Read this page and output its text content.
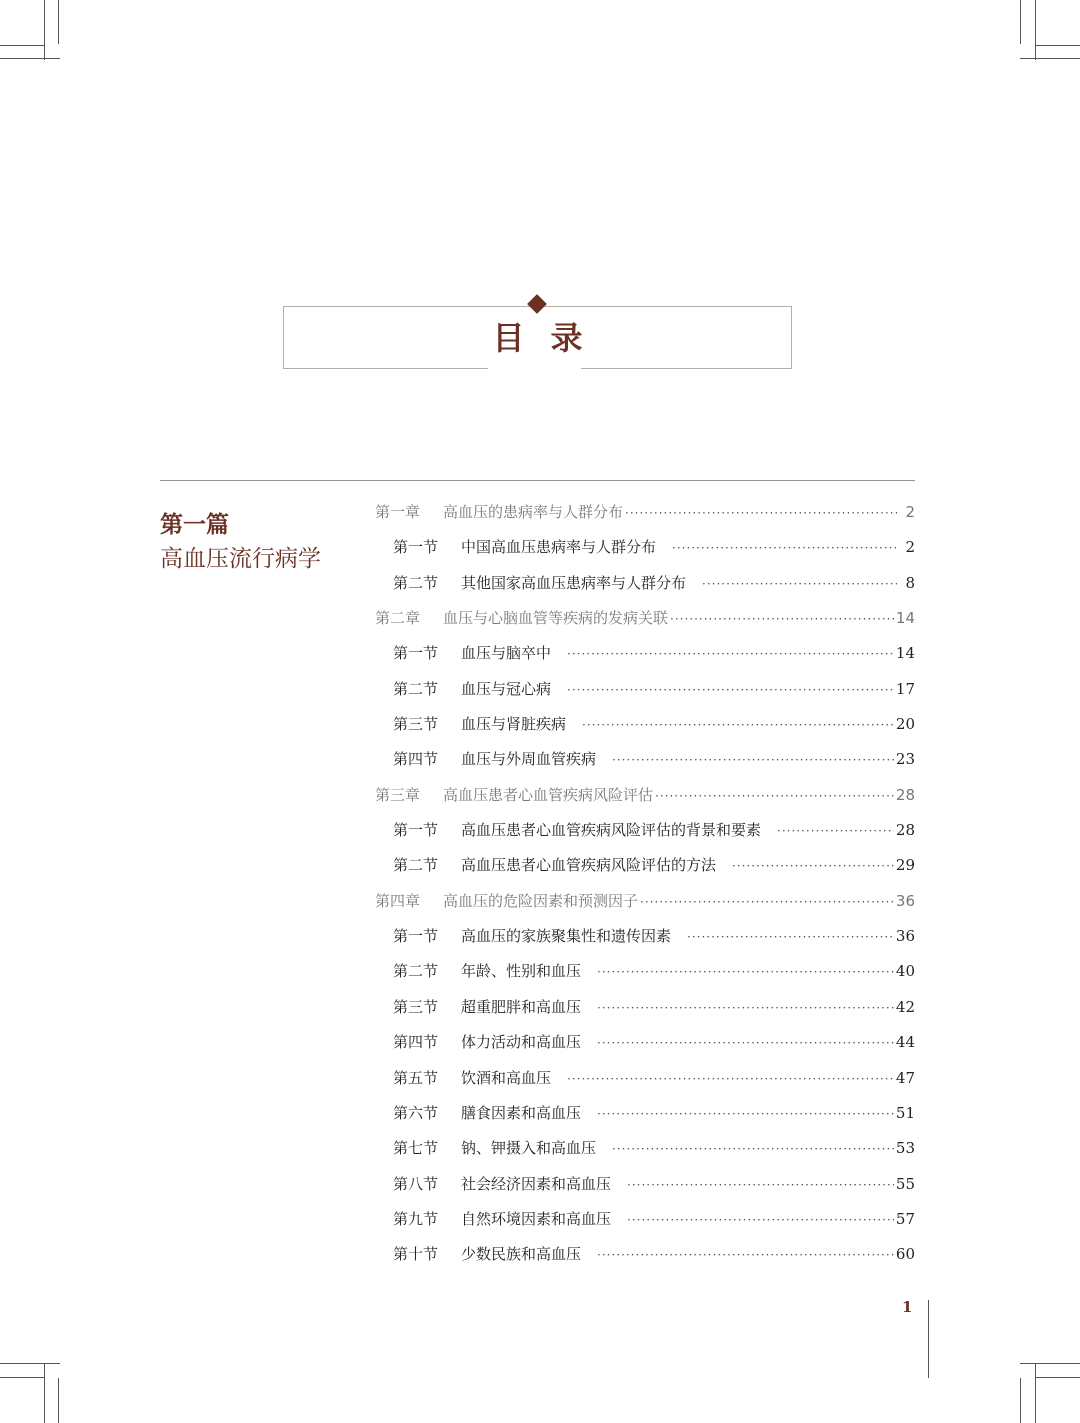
目录
第一篇
高血压流行病学
第一章	高血压的患病率与人群分布 ·····	2
第一节	中国高血压患病率与人群分布 ·····	2
第二节	其他国家高血压患病率与人群分布 ·····	8
第二章	血压与心脑血管等疾病的发病关联 ·····	14
第一节	血压与脑卒中 ·····	14
第二节	血压与冠心病 ·····	17
第三节	血压与肾脏疾病 ·····	20
第四节	血压与外周血管疾病 ·····	23
第三章	高血压患者心血管疾病风险评估 ·····	28
第一节	高血压患者心血管疾病风险评估的背景和要素 ·····	28
第二节	高血压患者心血管疾病风险评估的方法 ·····	29
第四章	高血压的危险因素和预测因子 ·····	36
第一节	高血压的家族聚集性和遗传因素 ·····	36
第二节	年龄、性别和血压 ·····	40
第三节	超重肥胖和高血压 ·····	42
第四节	体力活动和高血压 ·····	44
第五节	饮酒和高血压 ·····	47
第六节	膳食因素和高血压 ·····	51
第七节	钠、钾摄入和高血压 ·····	53
第八节	社会经济因素和高血压 ·····	55
第九节	自然环境因素和高血压 ·····	57
第十节	少数民族和高血压 ·····	60
1
